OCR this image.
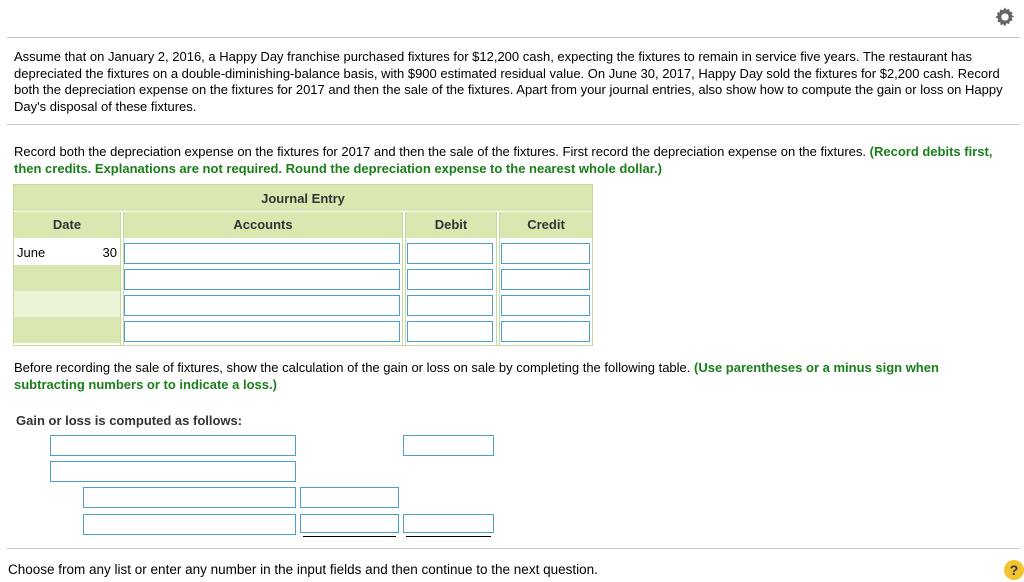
Assume that on January 2, 2016, a Happy Day franchise purchased fixtures for $12,200 cash, expecting the fixtures to remain in service five years. The restaurant has depreciated the fixtures on a double-diminishing-balance basis, with $900 estimated residual value. On June 30, 2017, Happy Day sold the fixtures for $2,200 cash. Record both the depreciation expense on the fixtures for 2017 and then the sale of the fixtures. Apart from your journal entries, also show how to compute the gain or loss on Happy Day's disposal of these fixtures.
Record both the depreciation expense on the fixtures for 2017 and then the sale of the fixtures. First record the depreciation expense on the fixtures. (Record debits first, then credits. Explanations are not required. Round the depreciation expense to the nearest whole dollar.)
Journal Entry
Date	Accounts	Debit	Credit
June	30
Before recording the sale of fixtures, show the calculation of the gain or loss on sale by completing the following table. (Use parentheses or a minus sign when subtracting numbers or to indicate a loss.)
Gain or loss is computed as follows:
Choose from any list or enter any number in the input fields and then continue to the next question.	?
